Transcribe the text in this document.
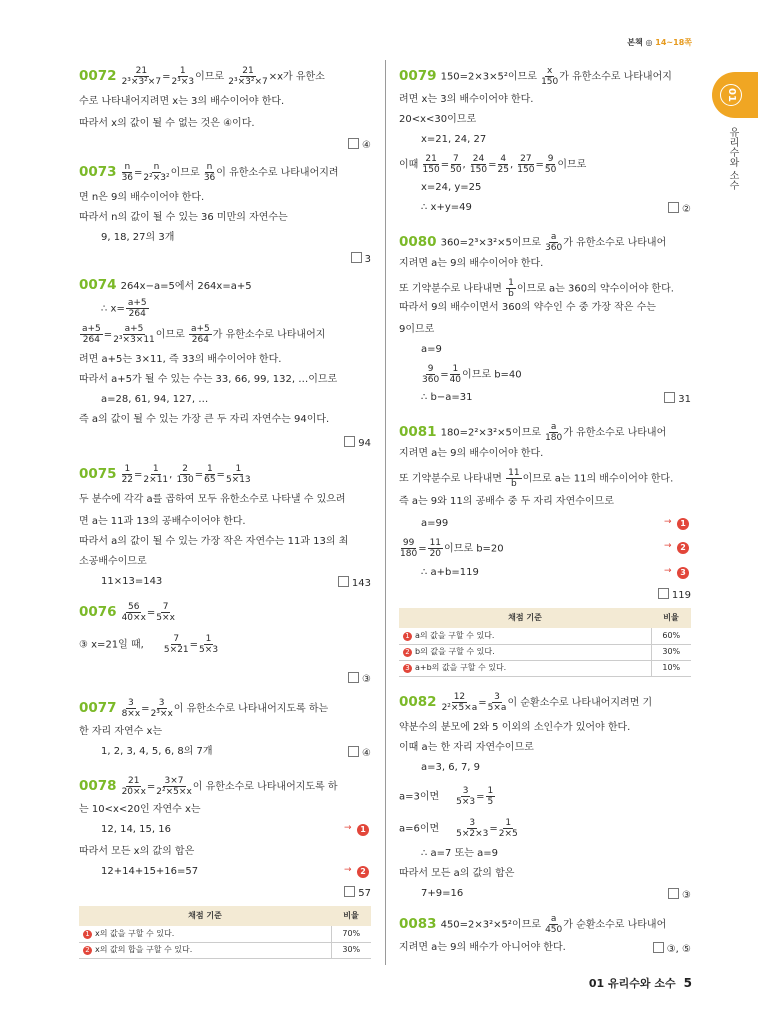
본책 ◎ 14~18쪽
01
유리수와 소수
$0072 \frac{21}{\text{2³×3²×7}} = \frac{1}{\text{2³×3}}$ 이므로 $\frac{21}{\text{2³×3²×7}} \times x$가 유한소
수로 나타내어지려면 x는 3의 배수이어야 한다.
따라서 x의 값이 될 수 없는 것은 ④이다.
④
$0073 \frac{n}{36} = \frac{n}{\text{2²×3²}}$ 이므로 $\frac{n}{36}$ 이 유한소수로 나타내어지려
면 n은 9의 배수이어야 한다.
따라서 n의 값이 될 수 있는 36 미만의 자연수는
9, 18, 27의 3개
3
0074 264x−a=5에서 264x=a+5
∴ $x= \frac{a+5}{264}$
$\frac{a+5}{264} = \frac{a+5}{\text{2³×3×11}}$ 이므로 $\frac{a+5}{264}$ 가 유한소수로 나타내어지
려면 a+5는 3×11, 즉 33의 배수이어야 한다.
따라서 a+5가 될 수 있는 수는 33, 66, 99, 132, …이므로
a=28, 61, 94, 127, …
즉 a의 값이 될 수 있는 가장 큰 두 자리 자연수는 94이다.
94
$0075 \frac{1}{22} = \frac{1}{2\times 11}$ , $\frac{2}{130} = \frac{1}{65} = \frac{1}{5\times 13}$
두 분수에 각각 a를 곱하여 모두 유한소수로 나타낼 수 있으려
면 a는 11과 13의 공배수이어야 한다.
따라서 a의 값이 될 수 있는 가장 작은 자연수는 11과 13의 최
소공배수이므로
11×13=143	143
$0076 \frac{56}{40\times x} = \frac{7}{5\times x}$
③ x=21일 때, $\frac{7}{5\times 21} = \frac{1}{5\times 3}$
③
$0077 \frac{3}{8\times x} = \frac{3}{\text{2³×x}}$ 이 유한소수로 나타내어지도록 하는
한 자리 자연수 x는
1, 2, 3, 4, 5, 6, 8의 7개	④
$0078 \frac{21}{20\times x} = \frac{3\times 7}{\text{2²×5×x}}$ 이 유한소수로 나타내어지도록 하
는 10<x<20인 자연수 x는
12, 14, 15, 16	→ 1
따라서 모든 x의 값의 합은
12+14+15+16=57	→ 2
57
채점 기준	비율
1 x의 값을 구할 수 있다.	70%
2 x의 값의 합을 구할 수 있다.	30%
0079 150=2×3×5²이므로 $\frac{x}{150}$ 가 유한소수로 나타내어지
려면 x는 3의 배수이어야 한다.
20<x<30이므로
x=21, 24, 27
이때 $\frac{21}{150} = \frac{7}{50}$ , $\frac{24}{150} = \frac{4}{25}$ , $\frac{27}{150} = \frac{9}{50}$ 이므로
x=24, y=25
∴ x+y=49	②
0080 360=2³×3²×5이므로 $\frac{a}{360}$ 가 유한소수로 나타내어
지려면 a는 9의 배수이어야 한다.
또 기약분수로 나타내면 $\frac{1}{b}$ 이므로 a는 360의 약수이어야 한다.
따라서 9의 배수이면서 360의 약수인 수 중 가장 작은 수는
9이므로
a=9
$\frac{9}{360} = \frac{1}{40}$ 이므로 b=40
∴ b−a=31	31
0081 180=2²×3²×5이므로 $\frac{a}{180}$ 가 유한소수로 나타내어
지려면 a는 9의 배수이어야 한다.
또 기약분수로 나타내면 $\frac{11}{b}$ 이므로 a는 11의 배수이어야 한다.
즉 a는 9와 11의 공배수 중 두 자리 자연수이므로
a=99	→ 1
$\frac{99}{180} = \frac{11}{20}$ 이므로 b=20	→ 2
∴ a+b=119	→ 3
119
채점 기준	비율
1 a의 값을 구할 수 있다.	60%
2 b의 값을 구할 수 있다.	30%
3 a+b의 값을 구할 수 있다.	10%
$0082 \frac{12}{\text{2²×5×a}} = \frac{3}{5\times a}$ 이 순환소수로 나타내어지려면 기
약분수의 분모에 2와 5 이외의 소인수가 있어야 한다.
이때 a는 한 자리 자연수이므로
a=3, 6, 7, 9
a=3이면 $\frac{3}{5\times 3} = \frac{1}{5}$
a=6이면 $\frac{3}{5\times 2\times 3} = \frac{1}{2\times 5}$
∴ a=7 또는 a=9
따라서 모든 a의 값의 합은
7+9=16	③
0083 450=2×3²×5²이므로 $\frac{a}{450}$ 가 순환소수로 나타내어
지려면 a는 9의 배수가 아니어야 한다.	③, ⑤
01 유리수와 소수 5
